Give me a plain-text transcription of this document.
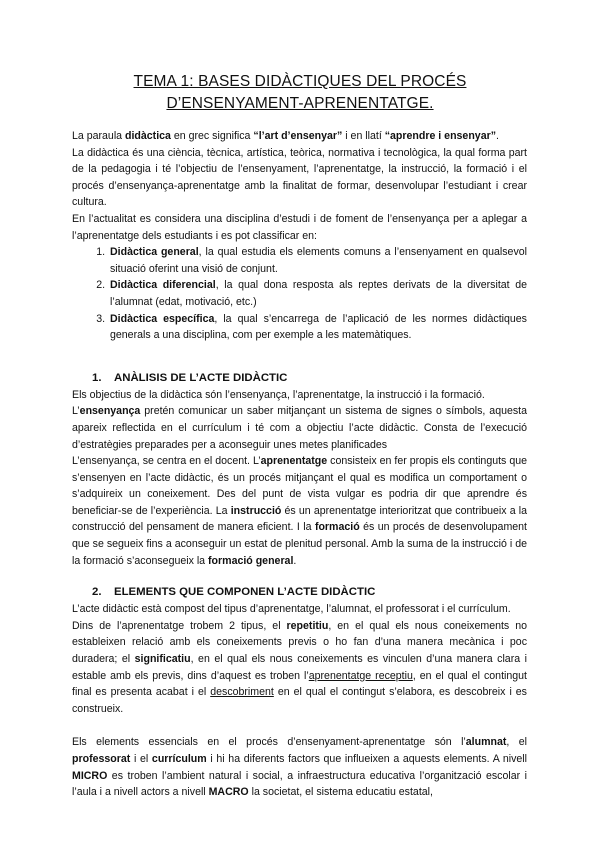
TEMA 1: BASES DIDÀCTIQUES DEL PROCÉS
D’ENSENYAMENT-APRENENTATGE.

La paraula didàctica en grec significa “l’art d’ensenyar” i en llatí “aprendre i ensenyar”.

La didàctica és una ciència, tècnica, artística, teòrica, normativa i tecnològica, la qual forma part de la pedagogia i té l’objectiu de l’ensenyament, l’aprenentatge, la instrucció, la formació i el procés d’ensenyança-aprenentatge amb la finalitat de formar, desenvolupar l’estudiant i crear cultura.

En l’actualitat es considera una disciplina d’estudi i de foment de l’ensenyança per a aplegar a l’aprenentatge dels estudiants i es pot classificar en:

1. Didàctica general, la qual estudia els elements comuns a l’ensenyament en qualsevol situació oferint una visió de conjunt.
2. Didàctica diferencial, la qual dona resposta als reptes derivats de la diversitat de l’alumnat (edat, motivació, etc.)
3. Didàctica específica, la qual s’encarrega de l’aplicació de les normes didàctiques generals a una disciplina, com per exemple a les matemàtiques.
1. ANÀLISIS DE L’ACTE DIDÀCTIC

Els objectius de la didàctica són l’ensenyança, l’aprenentatge, la instrucció i la formació.

L’ensenyança pretén comunicar un saber mitjançant un sistema de signes o símbols, aquesta apareix reflectida en el currículum i té com a objectiu l’acte didàctic. Consta de l’execució d’estratègies preparades per a aconseguir unes metes planificades

L’ensenyança, se centra en el docent. L’aprenentatge consisteix en fer propis els continguts que s’ensenyen en l’acte didàctic, és un procés mitjançant el qual es modifica un comportament o s’adquireix un coneixement. Des del punt de vista vulgar es podria dir que aprendre és beneficiar-se de l’experiència. La instrucció és un aprenentatge interioritzat que contribueix a la construcció del pensament de manera eficient. I la formació és un procés de desenvolupament que se segueix fins a aconseguir un estat de plenitud personal. Amb la suma de la instrucció i de la formació s’aconsegueix la formació general.

2. ELEMENTS QUE COMPONEN L’ACTE DIDÀCTIC

L’acte didàctic està compost del tipus d’aprenentatge, l’alumnat, el professorat i el currículum.

Dins de l’aprenentatge trobem 2 tipus, el repetitiu, en el qual els nous coneixements no estableixen relació amb els coneixements previs o ho fan d’una manera mecànica i poc duradera; el significatiu, en el qual els nous coneixements es vinculen d’una manera clara i estable amb els previs, dins d’aquest es troben l’aprenentatge receptiu, en el qual el contingut final es presenta acabat i el descobriment en el qual el contingut s’elabora, es descobreix i es construeix.

Els elements essencials en el procés d’ensenyament-aprenentatge són l’alumnat, el professorat i el currículum i hi ha diferents factors que influeixen a aquests elements. A nivell MICRO es troben l’ambient natural i social, a infraestructura educativa l’organització escolar i l’aula i a nivell actors a nivell MACRO la societat, el sistema educatiu estatal,
